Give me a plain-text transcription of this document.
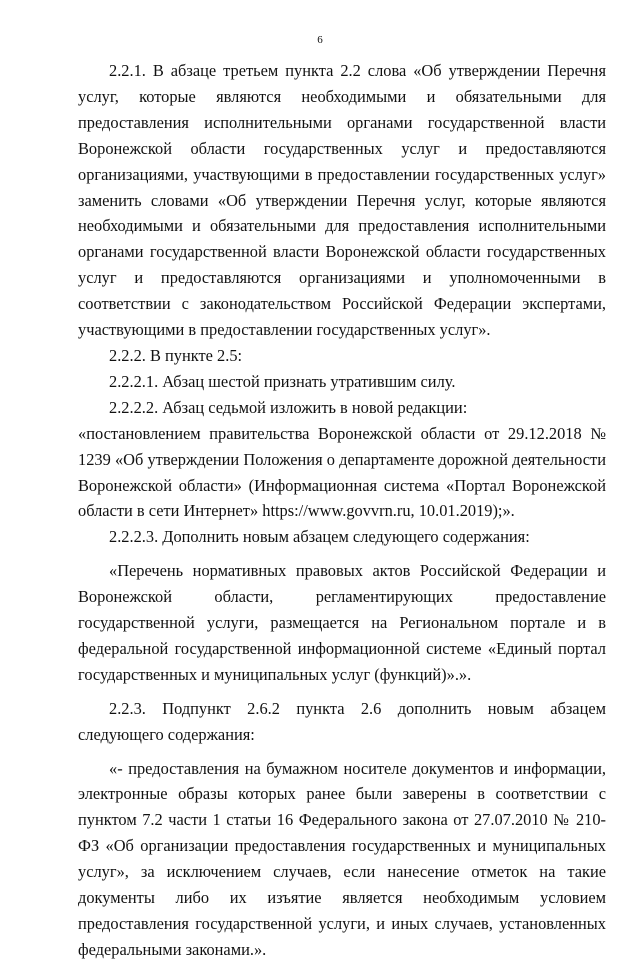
6

2.2.1. В абзаце третьем пункта 2.2 слова «Об утверждении Перечня услуг, которые являются необходимыми и обязательными для предоставления исполнительными органами государственной власти Воронежской области государственных услуг и предоставляются организациями, участвующими в предоставлении государственных услуг» заменить словами «Об утверждении Перечня услуг, которые являются необходимыми и обязательными для предоставления исполнительными органами государственной власти Воронежской области государственных услуг и предоставляются организациями и уполномоченными в соответствии с законодательством Российской Федерации экспертами, участвующими в предоставлении государственных услуг».

2.2.2. В пункте 2.5:

2.2.2.1. Абзац шестой признать утратившим силу.

2.2.2.2. Абзац седьмой изложить в новой редакции:

«постановлением правительства Воронежской области от 29.12.2018 № 1239 «Об утверждении Положения о департаменте дорожной деятельности Воронежской области» (Информационная система «Портал Воронежской области в сети Интернет» https://www.govvrn.ru, 10.01.2019);».

2.2.2.3. Дополнить новым абзацем следующего содержания:

«Перечень нормативных правовых актов Российской Федерации и Воронежской области, регламентирующих предоставление государственной услуги, размещается на Региональном портале и в федеральной государственной информационной системе «Единый портал государственных и муниципальных услуг (функций)».».

2.2.3. Подпункт 2.6.2 пункта 2.6 дополнить новым абзацем следующего содержания:

«- предоставления на бумажном носителе документов и информации, электронные образы которых ранее были заверены в соответствии с пунктом 7.2 части 1 статьи 16 Федерального закона от 27.07.2010 № 210-ФЗ «Об организации предоставления государственных и муниципальных услуг», за исключением случаев, если нанесение отметок на такие документы либо их изъятие является необходимым условием предоставления государственной услуги, и иных случаев, установленных федеральными законами.».
